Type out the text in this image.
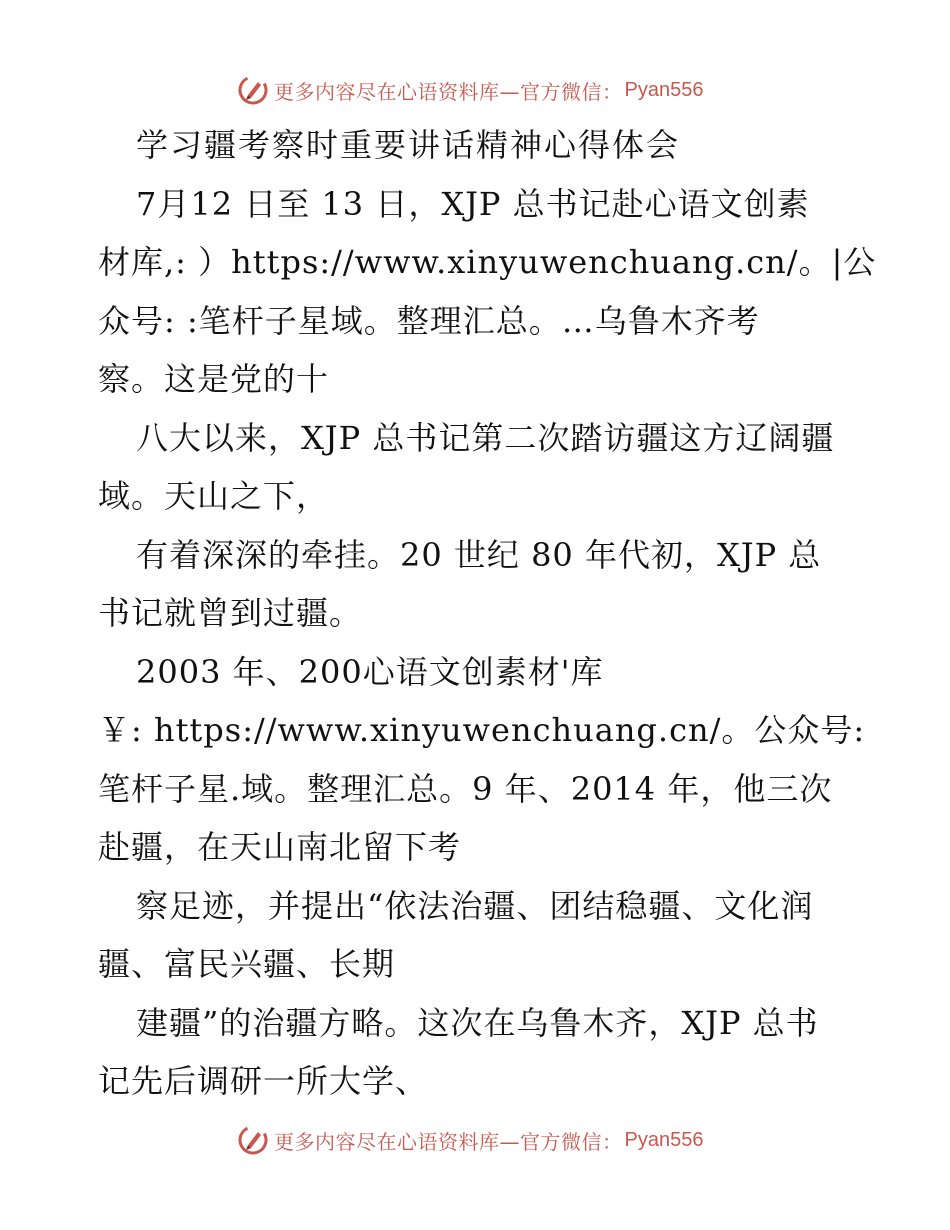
更多内容尽在心语资料库—官方微信： Pyan556
学习疆考察时重要讲话精神心得体会
7月12 日至 13 日，XJP 总书记赴心语文创素
材库,: ）https://www.xinyuwenchuang.cn/。|公
众号: :笔杆子星域。整理汇总。…乌鲁木齐考
察。这是党的十
八大以来，XJP 总书记第二次踏访疆这方辽阔疆
域。天山之下，
有着深深的牵挂。20 世纪 80 年代初，XJP 总
书记就曾到过疆。
2003 年、200心语文创素材'库
￥: https://www.xinyuwenchuang.cn/。公众号:
笔杆子星.域。整理汇总。9 年、2014 年，他三次
赴疆，在天山南北留下考
察足迹，并提出“依法治疆、团结稳疆、文化润
疆、富民兴疆、长期
建疆”的治疆方略。这次在乌鲁木齐，XJP 总书
记先后调研一所大学、
更多内容尽在心语资料库—官方微信： Pyan556
